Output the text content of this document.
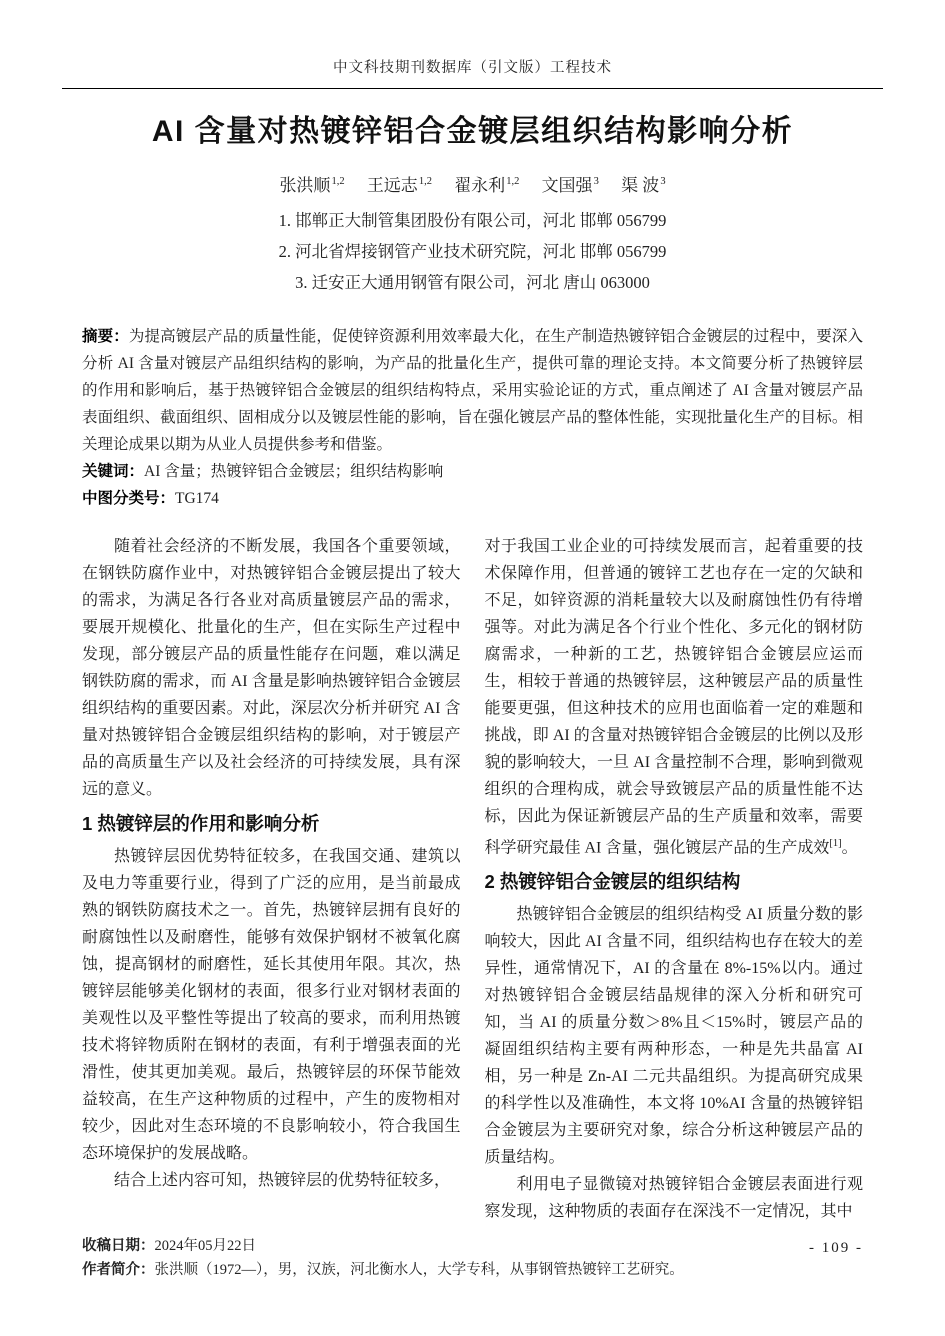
中文科技期刊数据库（引文版）工程技术
AI 含量对热镀锌铝合金镀层组织结构影响分析
张洪顺$^{1,2}$ 王远志$^{1,2}$ 翟永利$^{1,2}$ 文国强$^3$ 渠 波$^3$
1. 邯郸正大制管集团股份有限公司，河北 邯郸 056799
2. 河北省焊接钢管产业技术研究院，河北 邯郸 056799
3. 迁安正大通用钢管有限公司，河北 唐山 063000
摘要：为提高镀层产品的质量性能，促使锌资源利用效率最大化，在生产制造热镀锌铝合金镀层的过程中，要深入分析 AI 含量对镀层产品组织结构的影响，为产品的批量化生产，提供可靠的理论支持。本文简要分析了热镀锌层的作用和影响后，基于热镀锌铝合金镀层的组织结构特点，采用实验论证的方式，重点阐述了 AI 含量对镀层产品表面组织、截面组织、固相成分以及镀层性能的影响，旨在强化镀层产品的整体性能，实现批量化生产的目标。相关理论成果以期为从业人员提供参考和借鉴。
关键词：AI 含量；热镀锌铝合金镀层；组织结构影响
中图分类号：TG174

随着社会经济的不断发展，我国各个重要领域，在钢铁防腐作业中，对热镀锌铝合金镀层提出了较大的需求，为满足各行各业对高质量镀层产品的需求，要展开规模化、批量化的生产，但在实际生产过程中发现，部分镀层产品的质量性能存在问题，难以满足钢铁防腐的需求，而 AI 含量是影响热镀锌铝合金镀层组织结构的重要因素。对此，深层次分析并研究 AI 含量对热镀锌铝合金镀层组织结构的影响，对于镀层产品的高质量生产以及社会经济的可持续发展，具有深远的意义。

1 热镀锌层的作用和影响分析

热镀锌层因优势特征较多，在我国交通、建筑以及电力等重要行业，得到了广泛的应用，是当前最成熟的钢铁防腐技术之一。首先，热镀锌层拥有良好的耐腐蚀性以及耐磨性，能够有效保护钢材不被氧化腐蚀，提高钢材的耐磨性，延长其使用年限。其次，热镀锌层能够美化钢材的表面，很多行业对钢材表面的美观性以及平整性等提出了较高的要求，而利用热镀技术将锌物质附在钢材的表面，有利于增强表面的光滑性，使其更加美观。最后，热镀锌层的环保节能效益较高，在生产这种物质的过程中，产生的废物相对较少，因此对生态环境的不良影响较小，符合我国生态环境保护的发展战略。

结合上述内容可知，热镀锌层的优势特征较多，

对于我国工业企业的可持续发展而言，起着重要的技术保障作用，但普通的镀锌工艺也存在一定的欠缺和不足，如锌资源的消耗量较大以及耐腐蚀性仍有待增强等。对此为满足各个行业个性化、多元化的钢材防腐需求，一种新的工艺，热镀锌铝合金镀层应运而生，相较于普通的热镀锌层，这种镀层产品的质量性能要更强，但这种技术的应用也面临着一定的难题和挑战，即 AI 的含量对热镀锌铝合金镀层的比例以及形貌的影响较大，一旦 AI 含量控制不合理，影响到微观组织的合理构成，就会导致镀层产品的质量性能不达标，因此为保证新镀层产品的生产质量和效率，需要科学研究最佳 AI 含量，强化镀层产品的生产成效[1]。

2 热镀锌铝合金镀层的组织结构

热镀锌铝合金镀层的组织结构受 AI 质量分数的影响较大，因此 AI 含量不同，组织结构也存在较大的差异性，通常情况下，AI 的含量在 8%-15%以内。通过对热镀锌铝合金镀层结晶规律的深入分析和研究可知，当 AI 的质量分数＞8%且＜15%时，镀层产品的凝固组织结构主要有两种形态，一种是先共晶富 AI 相，另一种是 Zn-AI 二元共晶组织。为提高研究成果的科学性以及准确性，本文将 10%AI 含量的热镀锌铝合金镀层为主要研究对象，综合分析这种镀层产品的质量结构。

利用电子显微镜对热镀锌铝合金镀层表面进行观察发现，这种物质的表面存在深浅不一定情况，其中

收稿日期：2024年05月22日
作者简介：张洪顺（1972—），男，汉族，河北衡水人，大学专科，从事钢管热镀锌工艺研究。
- 109 -
